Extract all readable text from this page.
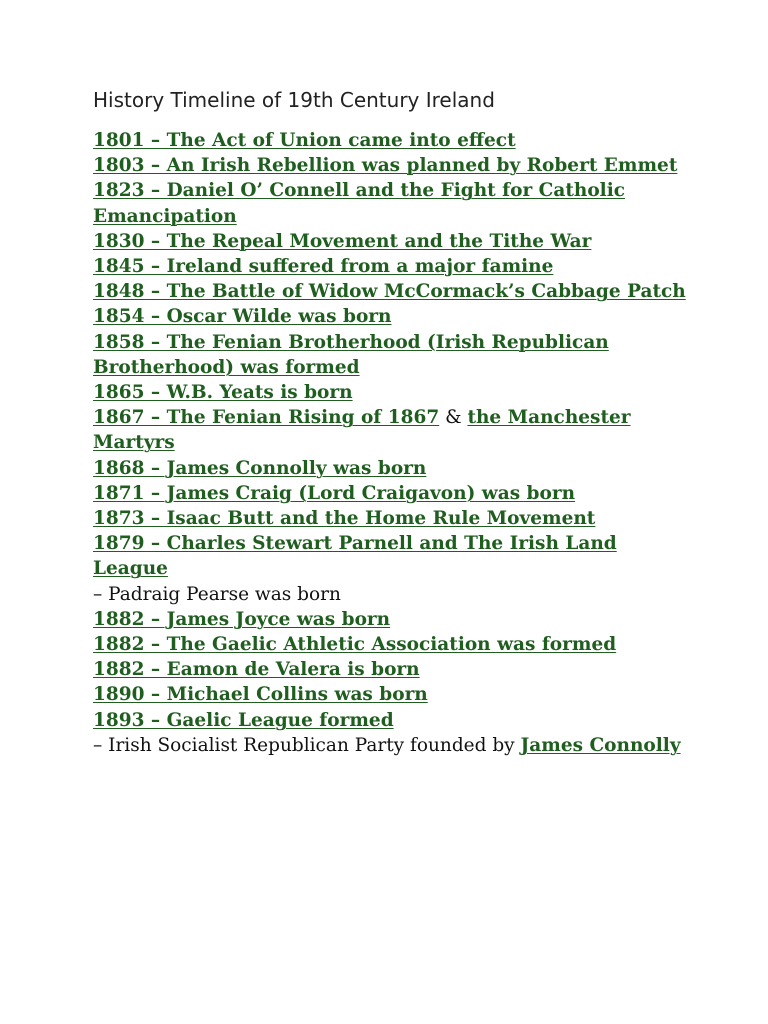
History Timeline of 19th Century Ireland
1801 – The Act of Union came into effect
1803 – An Irish Rebellion was planned by Robert Emmet
1823 – Daniel O’ Connell and the Fight for Catholic Emancipation
1830 – The Repeal Movement and the Tithe War
1845 – Ireland suffered from a major famine
1848 – The Battle of Widow McCormack’s Cabbage Patch
1854 – Oscar Wilde was born
1858 – The Fenian Brotherhood (Irish Republican Brotherhood) was formed
1865 – W.B. Yeats is born
1867 – The Fenian Rising of 1867 & the Manchester Martyrs
1868 – James Connolly was born
1871 – James Craig (Lord Craigavon) was born
1873 – Isaac Butt and the Home Rule Movement
1879 – Charles Stewart Parnell and The Irish Land League
– Padraig Pearse was born
1882 – James Joyce was born
1882 – The Gaelic Athletic Association was formed
1882 – Eamon de Valera is born
1890 – Michael Collins was born
1893 – Gaelic League formed
– Irish Socialist Republican Party founded by James Connolly
